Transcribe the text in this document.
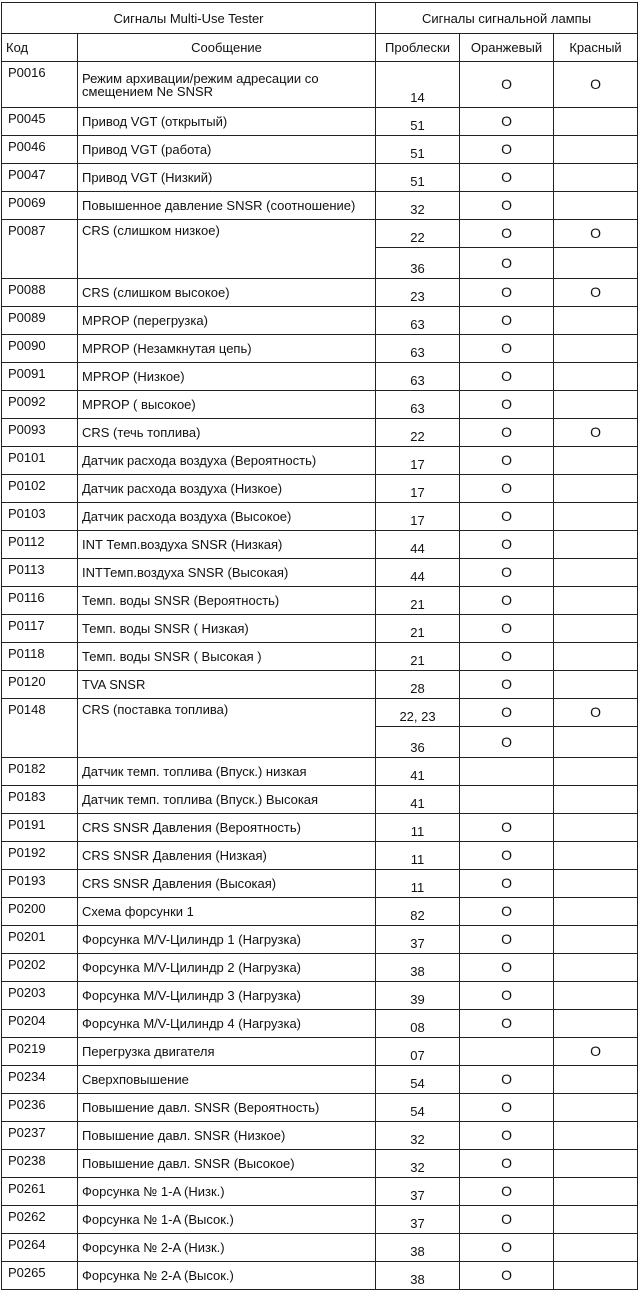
Сигналы Multi-Use Tester		Сигналы сигнальной лампы		
Код	Сообщение	Проблески	Оранжевый	Красный
P0016	Режим архивации/режим адресации со смещением Ne SNSR	14	O	O
P0045	Привод VGT (открытый)	51	O	
P0046	Привод VGT (работа)	51	O	
P0047	Привод VGT (Низкий)	51	O	
P0069	Повышенное давление SNSR (соотношение)	32	O	
P0087	CRS (слишком низкое)	22	O	O
		36	O	
P0088	CRS (слишком высокое)	23	O	O
P0089	MPROP (перегрузка)	63	O	
P0090	MPROP (Незамкнутая цепь)	63	O	
P0091	MPROP (Низкое)	63	O	
P0092	MPROP ( высокое)	63	O	
P0093	CRS (течь топлива)	22	O	O
P0101	Датчик расхода воздуха (Вероятность)	17	O	
P0102	Датчик расхода воздуха (Низкое)	17	O	
P0103	Датчик расхода воздуха (Высокое)	17	O	
P0112	INT Темп.воздуха SNSR (Низкая)	44	O	
P0113	INTТемп.воздуха SNSR (Высокая)	44	O	
P0116	Темп. воды SNSR (Вероятность)	21	O	
P0117	Темп. воды SNSR ( Низкая)	21	O	
P0118	Темп. воды SNSR ( Высокая )	21	O	
P0120	TVA SNSR	28	O	
P0148	CRS (поставка топлива)	22, 23	O	O
		36	O	
P0182	Датчик темп. топлива (Впуск.) низкая	41		
P0183	Датчик темп. топлива (Впуск.) Высокая	41		
P0191	CRS SNSR Давления (Вероятность)	11	O	
P0192	CRS SNSR Давления (Низкая)	11	O	
P0193	CRS SNSR Давления (Высокая)	11	O	
P0200	Схема форсунки 1	82	O	
P0201	Форсунка M/V-Цилиндр 1 (Нагрузка)	37	O	
P0202	Форсунка M/V-Цилиндр 2 (Нагрузка)	38	O	
P0203	Форсунка M/V-Цилиндр 3 (Нагрузка)	39	O	
P0204	Форсунка M/V-Цилиндр 4 (Нагрузка)	08	O	
P0219	Перегрузка двигателя	07		O
P0234	Сверхповышение	54	O	
P0236	Повышение давл. SNSR (Вероятность)	54	O	
P0237	Повышение давл. SNSR (Низкое)	32	O	
P0238	Повышение давл. SNSR (Высокое)	32	O	
P0261	Форсунка № 1-A (Низк.)	37	O	
P0262	Форсунка № 1-A (Высок.)	37	O	
P0264	Форсунка № 2-A (Низк.)	38	O	
P0265	Форсунка № 2-A (Высок.)	38	O	
